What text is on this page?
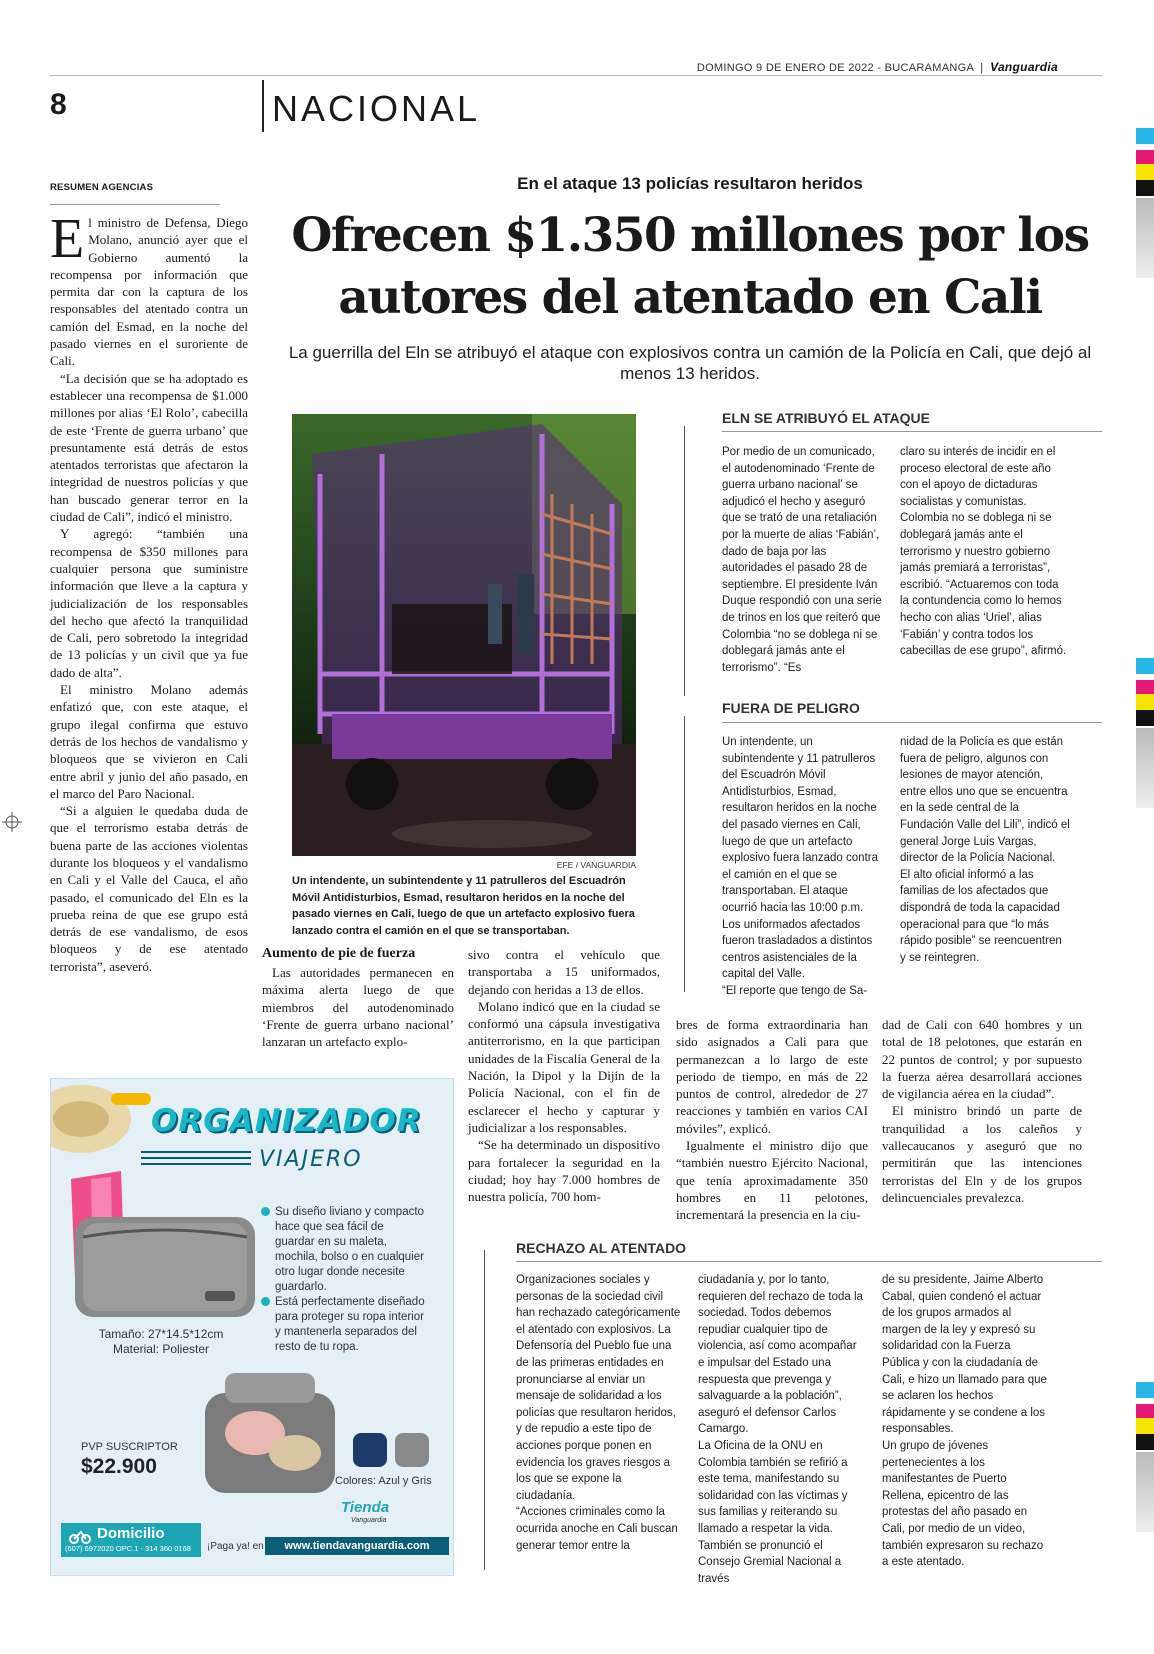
DOMINGO 9 DE ENERO DE 2022 - BUCARAMANGA  |  Vanguardia
8	NACIONAL
RESUMEN AGENCIAS

El ministro de Defensa, Diego Molano, anunció ayer que el Gobierno aumentó la recompensa por información que permita dar con la captura de los responsables del atentado contra un camión del Esmad, en la noche del pasado viernes en el suroriente de Cali.

“La decisión que se ha adoptado es establecer una recompensa de $1.000 millones por alias ‘El Rolo’, cabecilla de este ‘Frente de guerra urbano’ que presuntamente está detrás de estos atentados terroristas que afectaron la integridad de nuestros policías y que han buscado generar terror en la ciudad de Cali”, indicó el ministro.

Y agregó: “también una recompensa de $350 millones para cualquier persona que suministre información que lleve a la captura y judicialización de los responsables del hecho que afectó la tranquilidad de Cali, pero sobretodo la integridad de 13 policías y un civil que ya fue dado de alta”.

El ministro Molano además enfatizó que, con este ataque, el grupo ilegal confirma que estuvo detrás de los hechos de vandalismo y bloqueos que se vivieron en Cali entre abril y junio del año pasado, en el marco del Paro Nacional.

“Si a alguien le quedaba duda de que el terrorismo estaba detrás de buena parte de las acciones violentas durante los bloqueos y el vandalismo en Cali y el Valle del Cauca, el año pasado, el comunicado del Eln es la prueba reina de que ese grupo está detrás de ese vandalismo, de esos bloqueos y de ese atentado terrorista”, aseveró.

En el ataque 13 policías resultaron heridos
Ofrecen $1.350 millones por los autores del atentado en Cali
La guerrilla del Eln se atribuyó el ataque con explosivos contra un camión de la Policía en Cali, que dejó al menos 13 heridos.
EFE / VANGUARDIA
Un intendente, un subintendente y 11 patrulleros del Escuadrón Móvil Antidisturbios, Esmad, resultaron heridos en la noche del pasado viernes en Cali, luego de que un artefacto explosivo fuera lanzado contra el camión en el que se transportaban.
ELN SE ATRIBUYÓ EL ATAQUE
Por medio de un comunicado, el autodenominado ‘Frente de guerra urbano nacional’ se adjudicó el hecho y aseguró que se trató de una retaliación por la muerte de alias ‘Fabián’, dado de baja por las autoridades el pasado 28 de septiembre. El presidente Iván Duque respondió con una serie de trinos en los que reiteró que Colombia “no se doblega ni se doblegará jamás ante el terrorismo”. “Es
claro su interés de incidir en el proceso electoral de este año con el apoyo de dictaduras socialistas y comunistas. Colombia no se doblega ni se doblegará jamás ante el terrorismo y nuestro gobierno jamás premiará a terroristas”, escribió. “Actuaremos con toda la contundencia como lo hemos hecho con alias ‘Uriel’, alias ‘Fabián’ y contra todos los cabecillas de ese grupo”, afirmó.
FUERA DE PELIGRO

Un intendente, un subintendente y 11 patrulleros del Escuadrón Móvil Antidisturbios, Esmad, resultaron heridos en la noche del pasado viernes en Cali, luego de que un artefacto explosivo fuera lanzado contra el camión en el que se transportaban. El ataque ocurrió hacia las 10:00 p.m. Los uniformados afectados fueron trasladados a distintos centros asistenciales de la capital del Valle.

“El reporte que tengo de Sa-

nidad de la Policía es que están fuera de peligro, algunos con lesiones de mayor atención, entre ellos uno que se encuentra en la sede central de la Fundación Valle del Lili”, indicó el general Jorge Luis Vargas, director de la Policía Nacional.

El alto oficial informó a las familias de los afectados que dispondrá de toda la capacidad operacional para que “lo más rápido posible” se reencuentren y se reintegren.

Aumento de pie de fuerza

Las autoridades permanecen en máxima alerta luego de que miembros del autodenominado ‘Frente de guerra urbano nacional’ lanzaran un artefacto explo-

sivo contra el vehículo que transportaba a 15 uniformados, dejando con heridas a 13 de ellos.

Molano indicó que en la ciudad se conformó una cápsula investigativa antiterrorismo, en la que participan unidades de la Fiscalía General de la Nación, la Dipol y la Dijín de la Policía Nacional, con el fin de esclarecer el hecho y capturar y judicializar a los responsables.

“Se ha determinado un dispositivo para fortalecer la seguridad en la ciudad; hoy hay 7.000 hombres de nuestra policía, 700 hom-

bres de forma extraordinaria han sido asignados a Cali para que permanezcan a lo largo de este periodo de tiempo, en más de 22 puntos de control, alrededor de 27 reacciones y también en varios CAI móviles”, explicó.

Igualmente el ministro dijo que “también nuestro Ejército Nacional, que tenía aproximadamente 350 hombres en 11 pelotones, incrementará la presencia en la ciu-

dad de Cali con 640 hombres y un total de 18 pelotones, que estarán en 22 puntos de control; y por supuesto la fuerza aérea desarrollará acciones de vigilancia aérea en la ciudad”.

El ministro brindó un parte de tranquilidad a los caleños y vallecaucanos y aseguró que no permitirán que las intenciones terroristas del Eln y de los grupos delincuenciales prevalezca.

RECHAZO AL ATENTADO

Organizaciones sociales y personas de la sociedad civil han rechazado categóricamente el atentado con explosivos. La Defensoría del Pueblo fue una de las primeras entidades en pronunciarse al enviar un mensaje de solidaridad a los policías que resultaron heridos, y de repudio a este tipo de acciones porque ponen en evidencia los graves riesgos a los que se expone la ciudadanía.

“Acciones criminales como la ocurrida anoche en Cali buscan generar temor entre la

ciudadanía y, por lo tanto, requieren del rechazo de toda la sociedad. Todos debemos repudiar cualquier tipo de violencia, así como acompañar e impulsar del Estado una respuesta que prevenga y salvaguarde a la población”, aseguró el defensor Carlos Camargo.

La Oficina de la ONU en Colombia también se refirió a este tema, manifestando su solidaridad con las víctimas y sus familias y reiterando su llamado a respetar la vida.

También se pronunció el Consejo Gremial Nacional a través

de su presidente, Jaime Alberto Cabal, quien condenó el actuar de los grupos armados al margen de la ley y expresó su solidaridad con la Fuerza Pública y con la ciudadanía de Cali, e hizo un llamado para que se aclaren los hechos rápidamente y se condene a los responsables.

Un grupo de jóvenes pertenecientes a los manifestantes de Puerto Rellena, epicentro de las protestas del año pasado en Cali, por medio de un video, también expresaron su rechazo a este atentado.

ORGANIZADOR
VIAJERO
Su diseño liviano y compacto hace que sea fácil de guardar en su maleta, mochila, bolso o en cualquier otro lugar donde necesite guardarlo.
Está perfectamente diseñado para proteger su ropa interior y mantenerla separados del resto de tu ropa.
Tamaño: 27*14.5*12cm
Material: Poliester
PVP SUSCRIPTOR
$22.900
Colores: Azul y Gris
Tienda
Vanguardia
Domicilio
(607) 6972020 OPC.1 - 314 360 0168 ¡Paga ya! en	www.tiendavanguardia.com
